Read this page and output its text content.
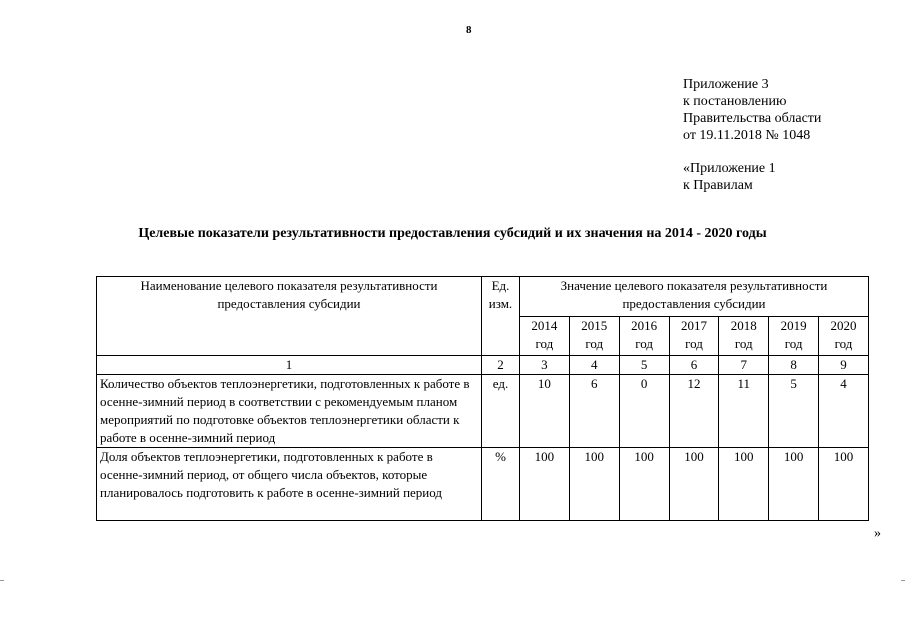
8
Приложение 3
к постановлению
Правительства области
от 19.11.2018 № 1048
«Приложение 1
к Правилам
Целевые показатели результативности предоставления субсидий и их значения на 2014 - 2020 годы
Наименование целевого показателя результативности предоставления субсидии	Ед. изм.	Значение целевого показателя результативности предоставления субсидии						
		2014 год	2015 год	2016 год	2017 год	2018 год	2019 год	2020 год
1	2	3	4	5	6	7	8	9
Количество объектов теплоэнергетики, подготовленных к работе в осенне-зимний период в соответствии с рекомендуемым планом мероприятий по подготовке объектов теплоэнергетики области к работе в осенне-зимний период	ед.	10	6	0	12	11	5	4
Доля объектов теплоэнергетики, подготовленных к работе в осенне-зимний период, от общего числа объектов, которые планировалось подготовить к работе в осенне-зимний период	%	100	100	100	100	100	100	100
»
